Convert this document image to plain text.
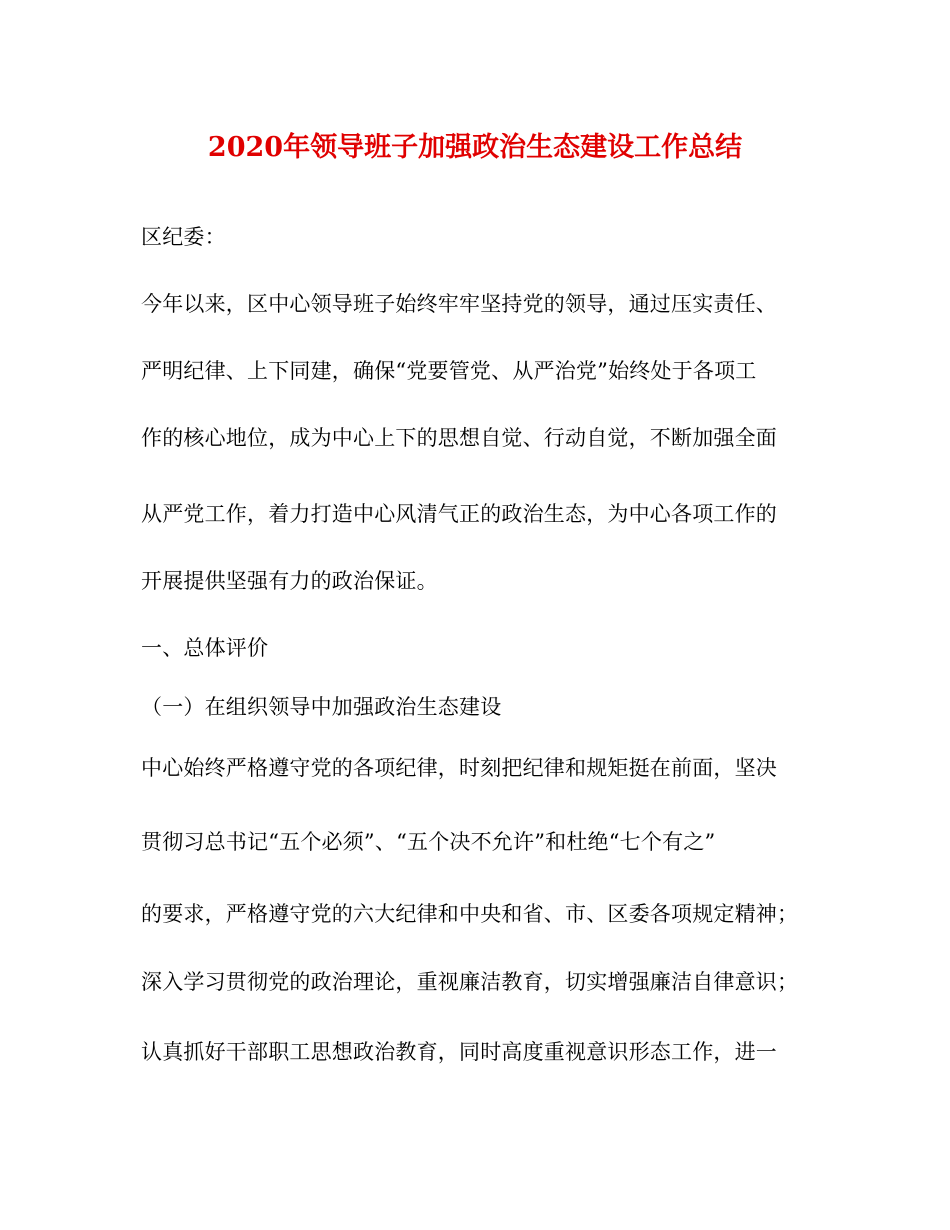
2020年领导班子加强政治生态建设工作总结
区纪委：
今年以来，区中心领导班子始终牢牢坚持党的领导，通过压实责任、
严明纪律、上下同建，确保“党要管党、从严治党”始终处于各项工
作的核心地位，成为中心上下的思想自觉、行动自觉，不断加强全面
从严党工作，着力打造中心风清气正的政治生态，为中心各项工作的
开展提供坚强有力的政治保证。
一、总体评价
（一）在组织领导中加强政治生态建设
中心始终严格遵守党的各项纪律，时刻把纪律和规矩挺在前面，坚决
贯彻习总书记“五个必须”、“五个决不允许”和杜绝“七个有之”
的要求，严格遵守党的六大纪律和中央和省、市、区委各项规定精神；
深入学习贯彻党的政治理论，重视廉洁教育，切实增强廉洁自律意识；
认真抓好干部职工思想政治教育，同时高度重视意识形态工作，进一
